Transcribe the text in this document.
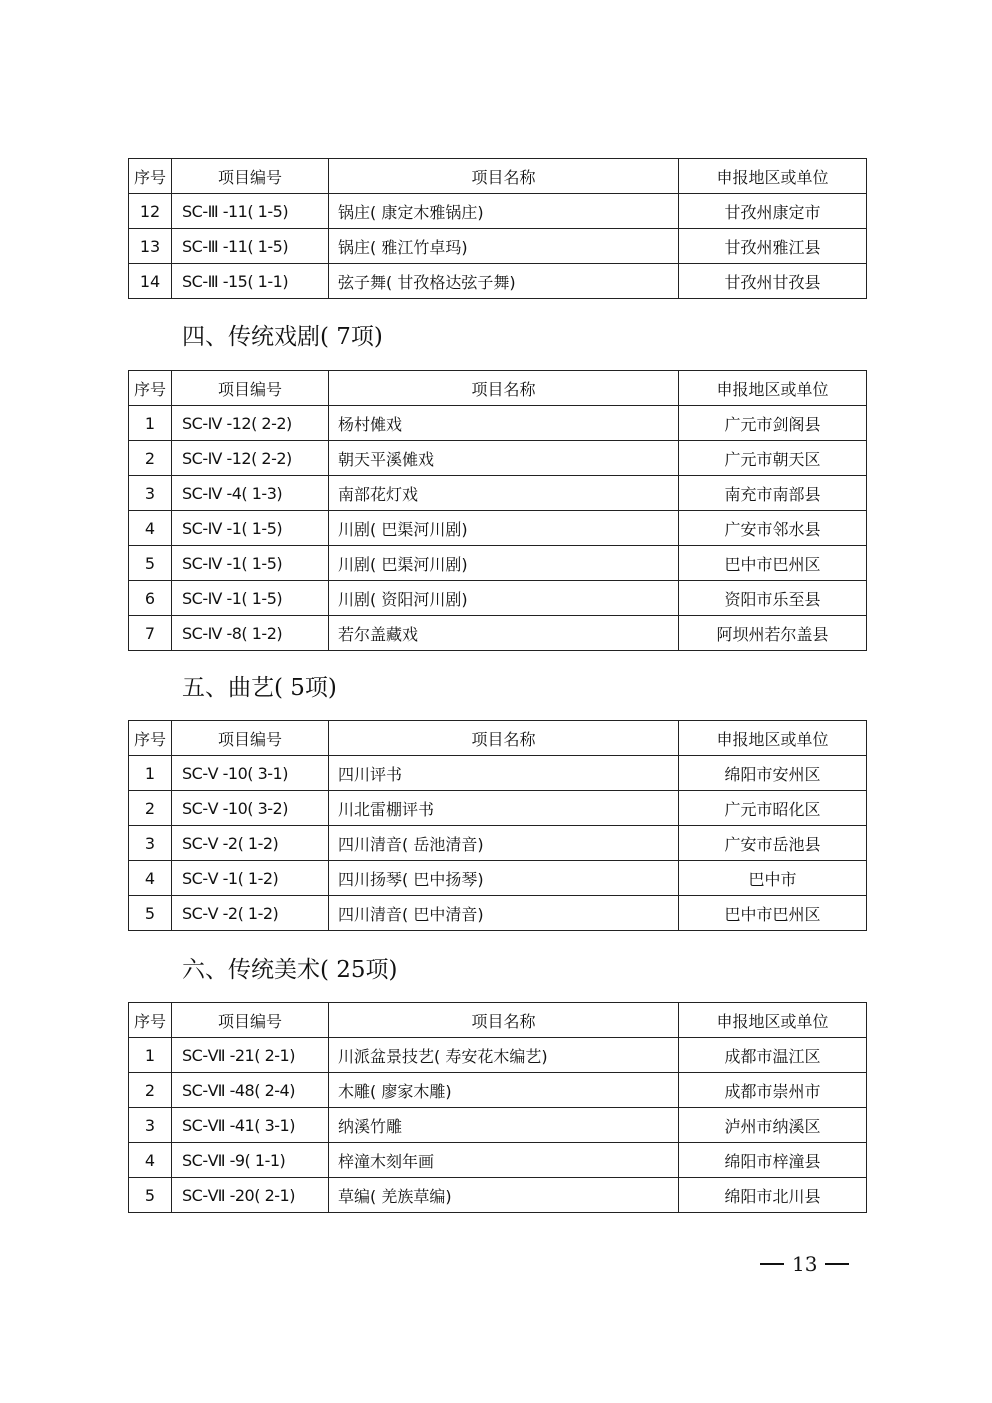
序号	项目编号	项目名称	申报地区或单位
12	SC-Ⅲ -11( 1-5)	锅庄( 康定木雅锅庄)	甘孜州康定市
13	SC-Ⅲ -11( 1-5)	锅庄( 雅江竹卓玛)	甘孜州雅江县
14	SC-Ⅲ -15( 1-1)	弦子舞( 甘孜格达弦子舞)	甘孜州甘孜县
四、传统戏剧( 7项)
序号	项目编号	项目名称	申报地区或单位
1	SC-Ⅳ -12( 2-2)	杨村傩戏	广元市剑阁县
2	SC-Ⅳ -12( 2-2)	朝天平溪傩戏	广元市朝天区
3	SC-Ⅳ -4( 1-3)	南部花灯戏	南充市南部县
4	SC-Ⅳ -1( 1-5)	川剧( 巴渠河川剧)	广安市邻水县
5	SC-Ⅳ -1( 1-5)	川剧( 巴渠河川剧)	巴中市巴州区
6	SC-Ⅳ -1( 1-5)	川剧( 资阳河川剧)	资阳市乐至县
7	SC-Ⅳ -8( 1-2)	若尔盖藏戏	阿坝州若尔盖县
五、曲艺( 5项)
序号	项目编号	项目名称	申报地区或单位
1	SC-Ⅴ -10( 3-1)	四川评书	绵阳市安州区
2	SC-Ⅴ -10( 3-2)	川北雷棚评书	广元市昭化区
3	SC-Ⅴ -2( 1-2)	四川清音( 岳池清音)	广安市岳池县
4	SC-Ⅴ -1( 1-2)	四川扬琴( 巴中扬琴)	巴中市
5	SC-Ⅴ -2( 1-2)	四川清音( 巴中清音)	巴中市巴州区
六、传统美术( 25项)
序号	项目编号	项目名称	申报地区或单位
1	SC-Ⅶ -21( 2-1)	川派盆景技艺( 寿安花木编艺)	成都市温江区
2	SC-Ⅶ -48( 2-4)	木雕( 廖家木雕)	成都市崇州市
3	SC-Ⅶ -41( 3-1)	纳溪竹雕	泸州市纳溪区
4	SC-Ⅶ -9( 1-1)	梓潼木刻年画	绵阳市梓潼县
5	SC-Ⅶ -20( 2-1)	草编( 羌族草编)	绵阳市北川县
13
